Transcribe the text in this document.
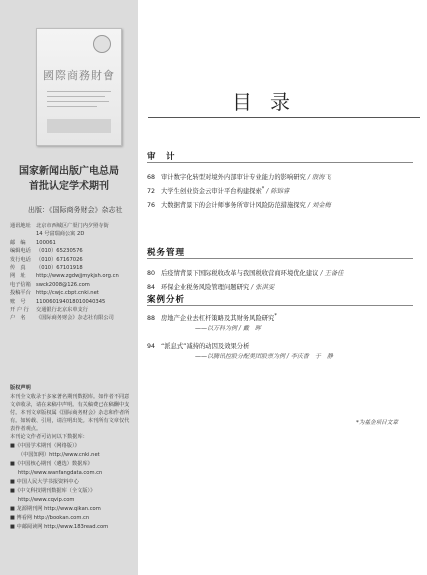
國際商務財會
国家新闻出版广电总局
首批认定学术期刊
出版：《国际商务财会》杂志社
通讯地址	北京市西城区广渠门内夕照寺街
14 号富瑞商公寓 2D
邮　编	100061
编辑电话	（010）65230576
发行电话	（010）67167026
传　真	（010）67101918
网　址	http://www.zgdwjjmykjsh.org.cn
电子信箱	swck2008@126.com
投稿平台	http://cwjc.cbpt.cnki.net
账　号	11006019401801004034​5
开 户 行	交通银行北京东单支行
户　名	《国际商务财会》杂志社有限公司
版权声明
本刊全文收录于多家著名期刊数据库。如作者不同意文章收录，请在来稿中声明。有关稿费已在稿酬中支付。本刊文章版权属《国际商务财会》杂志和作者所有。如转载、引用，请注明出处。本刊所有文章仅代表作者观点。
本刊论文作者可访问以下数据库：
■《中国学术期刊（网络版）》
（中国知网）http://www.cnki.net
■《中国核心期刊（遴选）数据库》
http://www.wanfangdata.com.cn
■ 中国人民大学书报资料中心
■《中文科技期刊数据库（全文版）》
http://www.cqvip.com
■ 龙源期刊网 http://www.qikan.com
■ 博看网 http://bookan.com.cn
■ 中邮阅读网 http://www.183read.com
目录
审　计
68 审计数字化转型对境外内部审计专业能力的影响研究 / 殷海飞
72 大学生创业资金云审计平台构建探索* / 陈锦睿
76 大数据背景下的会计师事务所审计风险防范措施探究 / 刘金梅
税务管理
80 后疫情背景下国际税收改革与我国税收营商环境优化建议 / 王备佳
84 环保企业税务风险管理问题研究 / 张淇雯
案例分析
88 房地产企业去杠杆策略及其财务风险研究*
——以万科为例 / 戴　晖
94 “派息式”减持的动因及效果分析
——以腾讯控股分配美团股票为例 / 李庆香　于　静
*为基金项目文章
